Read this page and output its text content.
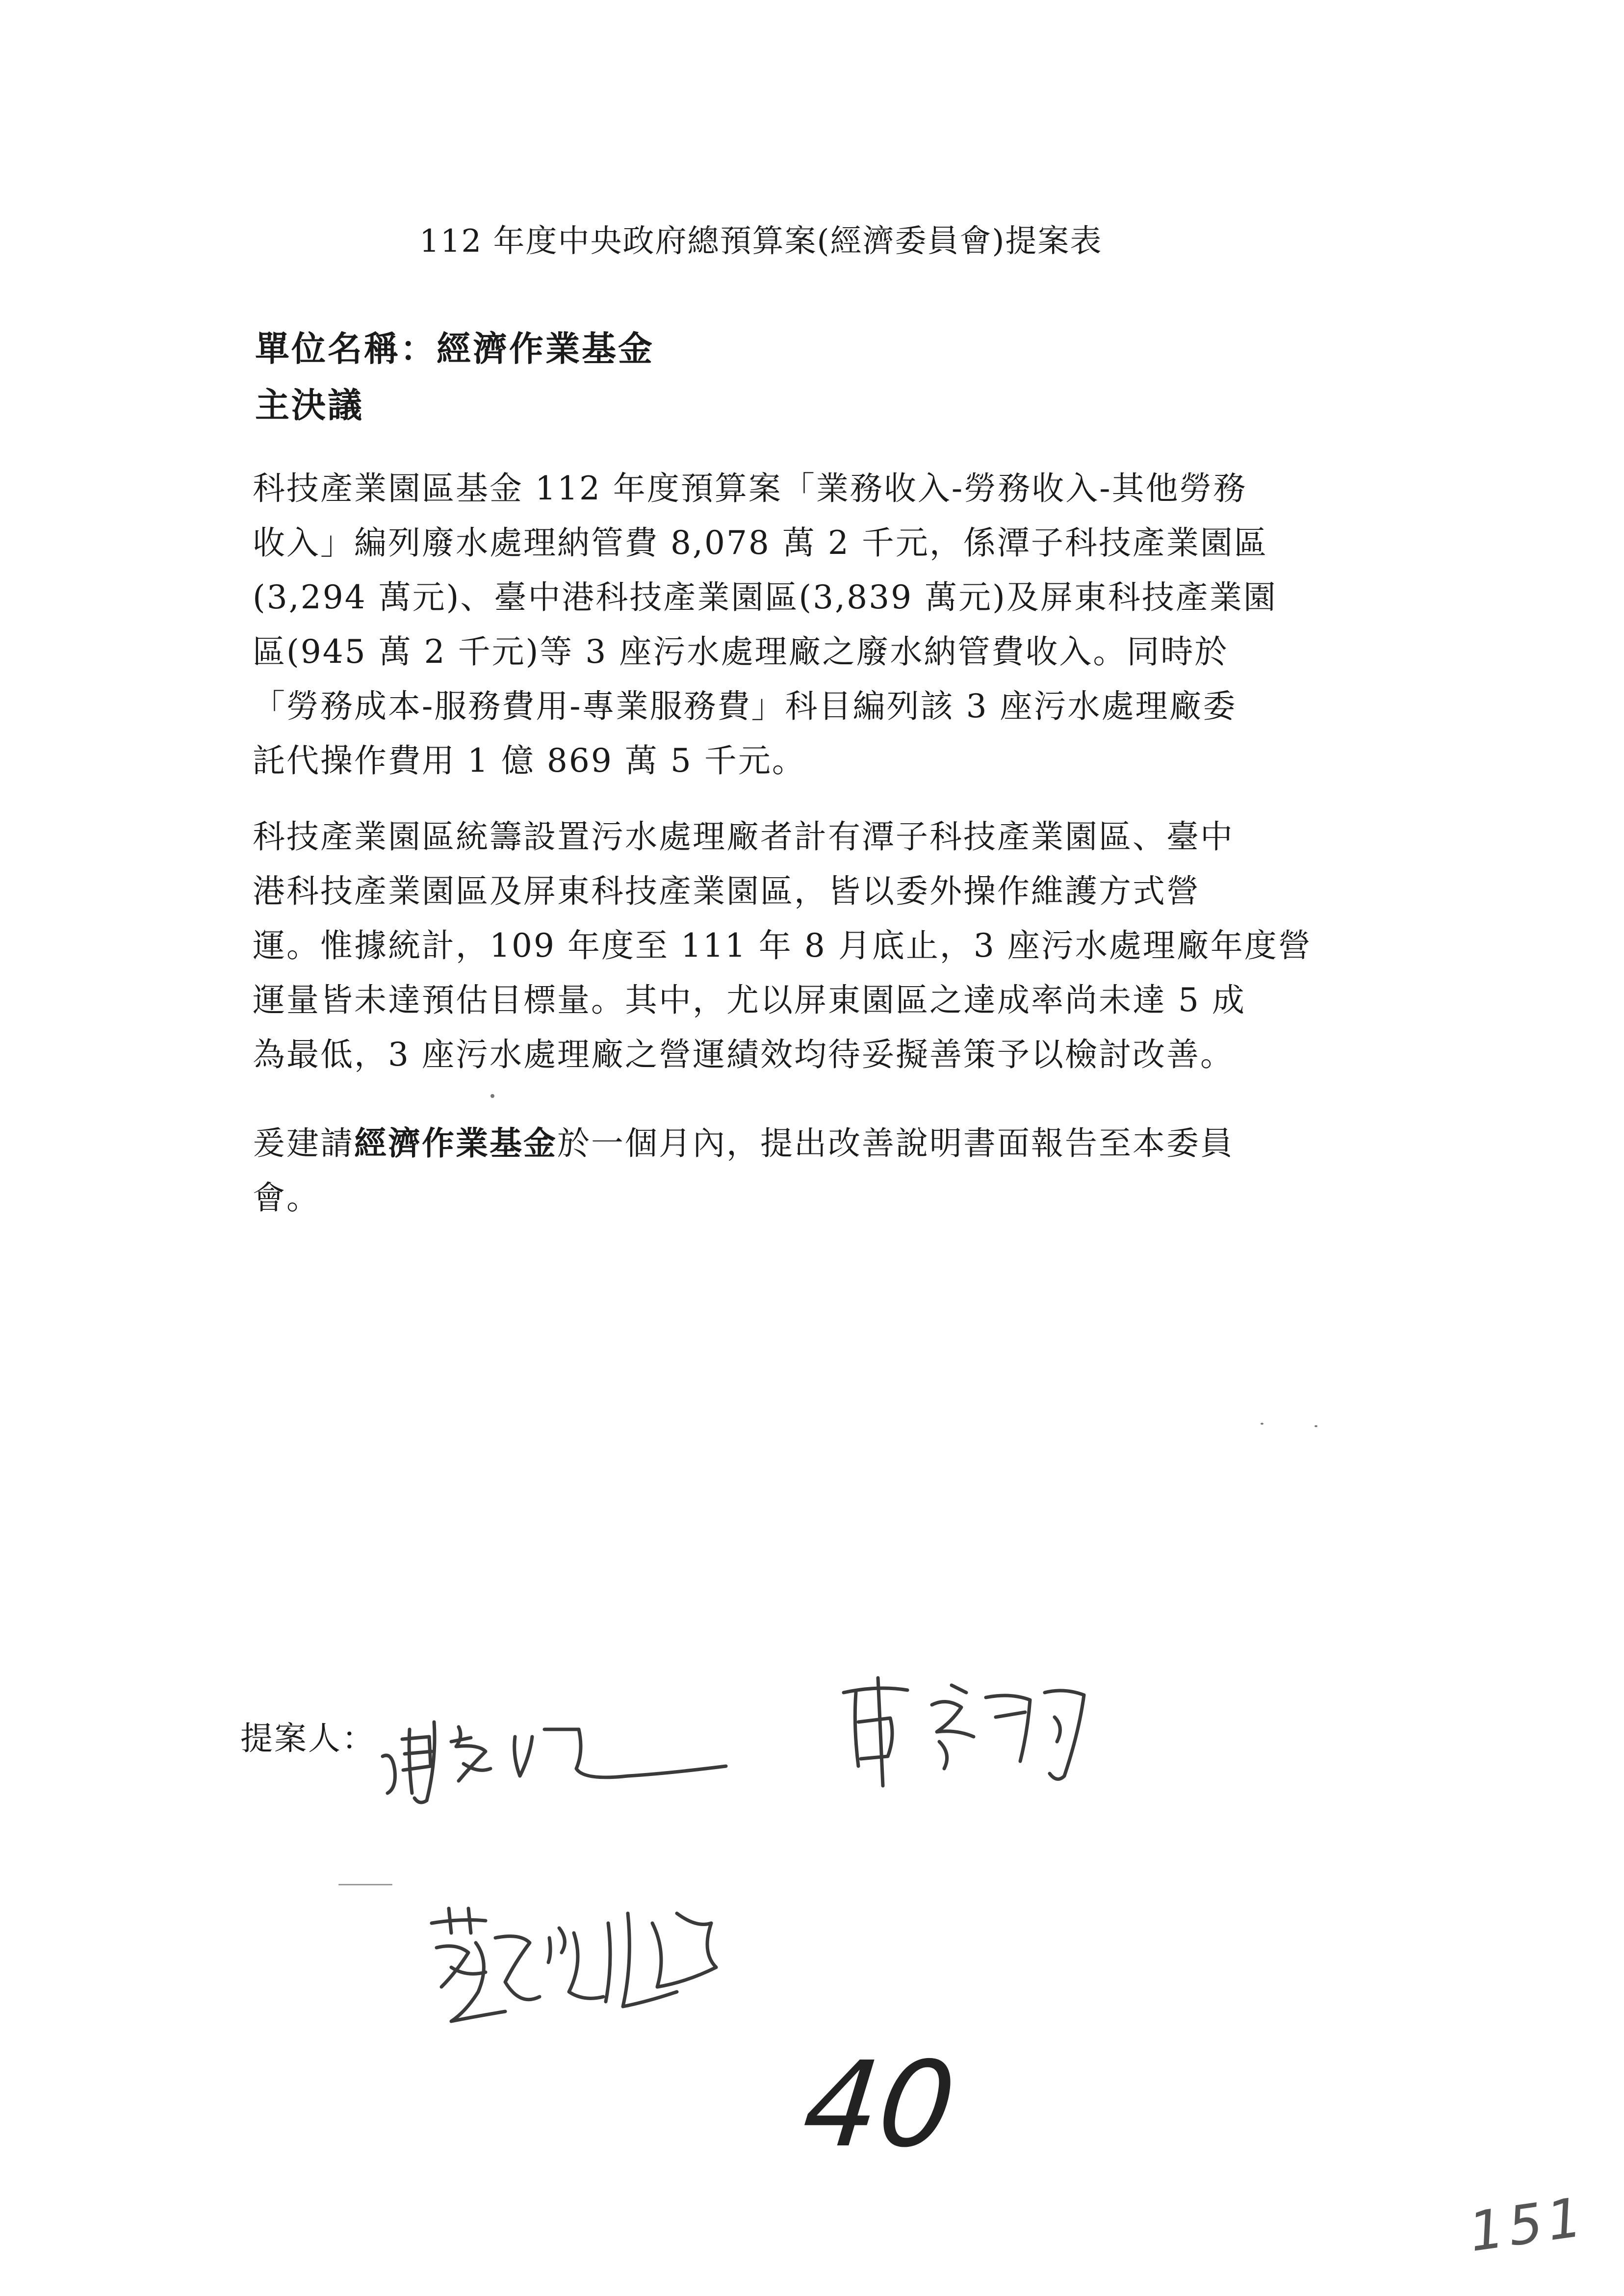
112 年度中央政府總預算案(經濟委員會)提案表
單位名稱：經濟作業基金
主決議
科技產業園區基金 112 年度預算案「業務收入-勞務收入-其他勞務
收入」編列廢水處理納管費 8,078 萬 2 千元，係潭子科技產業園區
(3,294 萬元)、臺中港科技產業園區(3,839 萬元)及屏東科技產業園
區(945 萬 2 千元)等 3 座污水處理廠之廢水納管費收入。同時於
「勞務成本-服務費用-專業服務費」科目編列該 3 座污水處理廠委
託代操作費用 1 億 869 萬 5 千元。
科技產業園區統籌設置污水處理廠者計有潭子科技產業園區、臺中
港科技產業園區及屏東科技產業園區，皆以委外操作維護方式營
運。惟據統計，109 年度至 111 年 8 月底止，3 座污水處理廠年度營
運量皆未達預估目標量。其中，尤以屏東園區之達成率尚未達 5 成
為最低，3 座污水處理廠之營運績效均待妥擬善策予以檢討改善。
爰建請經濟作業基金於一個月內，提出改善說明書面報告至本委員
會。
提案人：
40
151
